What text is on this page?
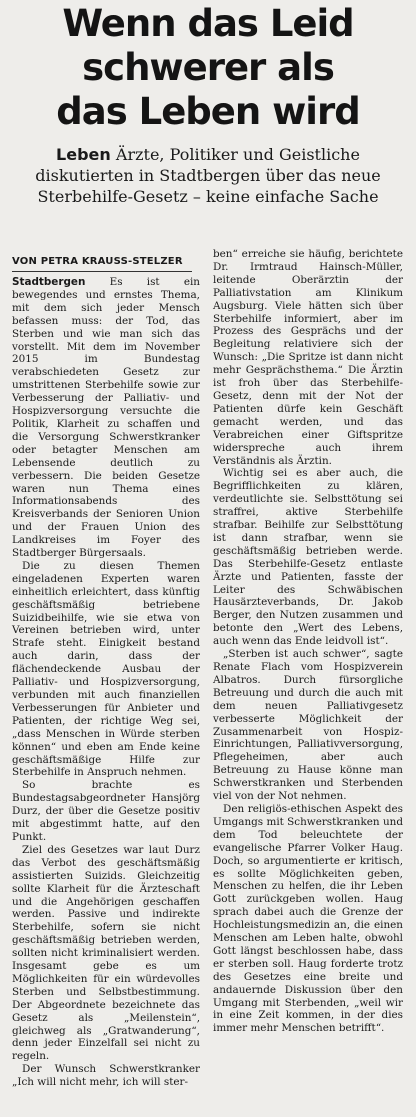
Wenn das Leid
schwerer als
das Leben wird
Leben Ärzte, Politiker und Geistliche diskutierten in Stadtbergen über das neue Sterbehilfe-Gesetz – keine einfache Sache
VON PETRA KRAUSS-STELZER

Stadtbergen Es ist ein bewegendes und ernstes Thema, mit dem sich jeder Mensch befassen muss: der Tod, das Sterben und wie man sich das vorstellt. Mit dem im November 2015 im Bundestag verabschiedeten Gesetz zur umstrittenen Sterbehilfe sowie zur Verbesserung der Palliativ- und Hospizversorgung versuchte die Politik, Klarheit zu schaffen und die Versorgung Schwerstkranker oder betagter Menschen am Lebensende deutlich zu verbessern. Die beiden Gesetze waren nun Thema eines Informationsabends des Kreisverbands der Senioren Union und der Frauen Union des Landkreises im Foyer des Stadtberger Bürgersaals.

Die zu diesen Themen eingeladenen Experten waren einheitlich erleichtert, dass künftig geschäftsmäßig betriebene Suizidbeihilfe, wie sie etwa von Vereinen betrieben wird, unter Strafe steht. Einigkeit bestand auch darin, dass der flächendeckende Ausbau der Palliativ- und Hospizversorgung, verbunden mit auch finanziellen Verbesserungen für Anbieter und Patienten, der richtige Weg sei, „dass Menschen in Würde sterben können“ und eben am Ende keine geschäftsmäßige Hilfe zur Sterbehilfe in Anspruch nehmen.

So brachte es Bundestagsabgeordneter Hansjörg Durz, der über die Gesetze positiv mit abgestimmt hatte, auf den Punkt.

Ziel des Gesetzes war laut Durz das Verbot des geschäftsmäßig assistierten Suizids. Gleichzeitig sollte Klarheit für die Ärzteschaft und die Angehörigen geschaffen werden. Passive und indirekte Sterbehilfe, sofern sie nicht geschäftsmäßig betrieben werden, sollten nicht kriminalisiert werden. Insgesamt gebe es um Möglichkeiten für ein würdevolles Sterben und Selbstbestimmung. Der Abgeordnete bezeichnete das Gesetz als „Meilenstein“, gleichweg als „Gratwanderung“, denn jeder Einzelfall sei nicht zu regeln.

Der Wunsch Schwerstkranker „Ich will nicht mehr, ich will ster-

ben“ erreiche sie häufig, berichtete Dr. Irmtraud Hainsch-Müller, leitende Oberärztin der Palliativstation am Klinikum Augsburg. Viele hätten sich über Sterbehilfe informiert, aber im Prozess des Gesprächs und der Begleitung relativiere sich der Wunsch: „Die Spritze ist dann nicht mehr Gesprächsthema.“ Die Ärztin ist froh über das Sterbehilfe-Gesetz, denn mit der Not der Patienten dürfe kein Geschäft gemacht werden, und das Verabreichen einer Giftspritze widerspreche auch ihrem Verständnis als Ärztin.

Wichtig sei es aber auch, die Begrifflichkeiten zu klären, verdeutlichte sie. Selbsttötung sei straffrei, aktive Sterbehilfe strafbar. Beihilfe zur Selbsttötung ist dann strafbar, wenn sie geschäftsmäßig betrieben werde. Das Sterbehilfe-Gesetz entlaste Ärzte und Patienten, fasste der Leiter des Schwäbischen Hausärzteverbands, Dr. Jakob Berger, den Nutzen zusammen und betonte den „Wert des Lebens, auch wenn das Ende leidvoll ist“.

„Sterben ist auch schwer“, sagte Renate Flach vom Hospizverein Albatros. Durch fürsorgliche Betreuung und durch die auch mit dem neuen Palliativgesetz verbesserte Möglichkeit der Zusammenarbeit von Hospiz-Einrichtungen, Palliativversorgung, Pflegeheimen, aber auch Betreuung zu Hause könne man Schwerstkranken und Sterbenden viel von der Not nehmen.

Den religiös-ethischen Aspekt des Umgangs mit Schwerstkranken und dem Tod beleuchtete der evangelische Pfarrer Volker Haug. Doch, so argumentierte er kritisch, es sollte Möglichkeiten geben, Menschen zu helfen, die ihr Leben Gott zurückgeben wollen. Haug sprach dabei auch die Grenze der Hochleistungsmedizin an, die einen Menschen am Leben halte, obwohl Gott längst beschlossen habe, dass er sterben soll. Haug forderte trotz des Gesetzes eine breite und andauernde Diskussion über den Umgang mit Sterbenden, „weil wir in eine Zeit kommen, in der dies immer mehr Menschen betrifft“.
